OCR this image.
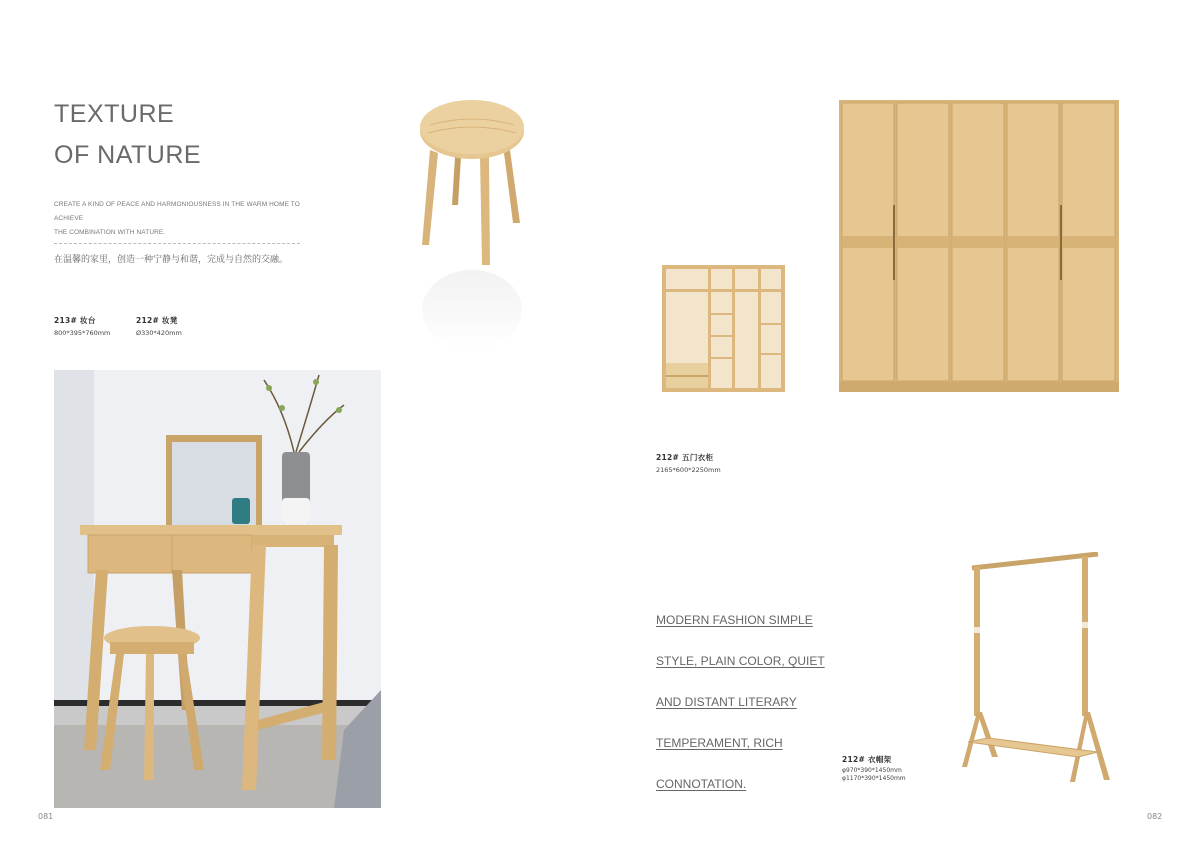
TEXTURE
OF NATURE
CREATE A KIND OF PEACE AND HARMONIOUSNESS IN THE WARM HOME TO ACHIEVE
THE COMBINATION WITH NATURE.
在温馨的家里，创造一种宁静与和谐，完成与自然的交融。
213# 妆台
800*395*760mm
212# 妆凳
Ø330*420mm
081
212# 五门衣柜
2165*600*2250mm
MODERN FASHION SIMPLE
STYLE, PLAIN COLOR, QUIET
AND DISTANT LITERARY
TEMPERAMENT, RICH
CONNOTATION.
212# 衣帽架
φ970*390*1450mm
φ1170*390*1450mm
082
